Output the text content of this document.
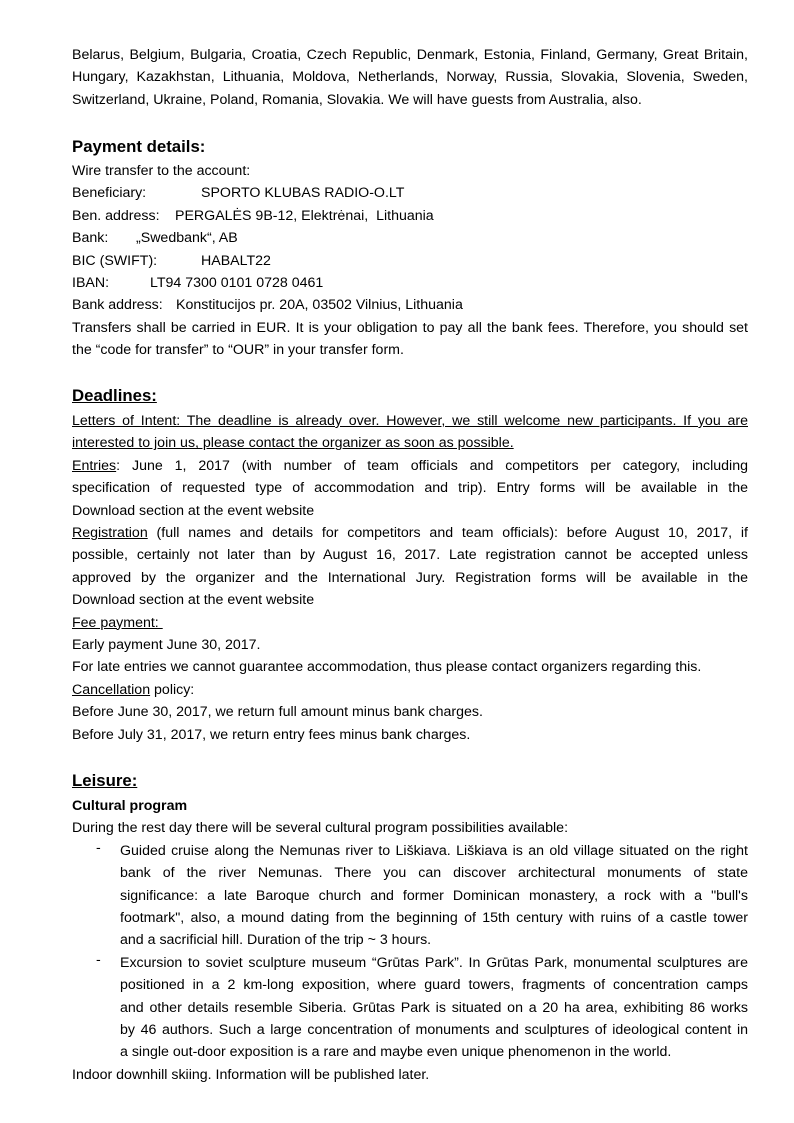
Belarus, Belgium, Bulgaria, Croatia, Czech Republic, Denmark, Estonia, Finland, Germany, Great Britain,

Hungary, Kazakhstan, Lithuania, Moldova, Netherlands, Norway, Russia, Slovakia, Slovenia, Sweden,

Switzerland, Ukraine, Poland, Romania, Slovakia. We will have guests from Australia, also.

Payment details:
Wire transfer to the account:
Beneficiary:	SPORTO KLUBAS RADIO-O.LT
Ben. address:	PERGALĖS 9B-12, Elektrėnai,  Lithuania
Bank:	„Swedbank“, AB
BIC (SWIFT):	HABALT22
IBAN:	LT94 7300 0101 0728 0461
Bank address: Konstitucijos pr. 20A, 03502 Vilnius, Lithuania

Transfers shall be carried in EUR. It is your obligation to pay all the bank fees. Therefore, you should set

the “code for transfer” to “OUR” in your transfer form.

Deadlines:

Letters of Intent: The deadline is already over. However, we still welcome new participants. If you are

interested to join us, please contact the organizer as soon as possible.

Entries: June 1, 2017 (with number of team officials and competitors per category, including

specification of requested type of accommodation and trip). Entry forms will be available in the

Download section at the event website

Registration (full names and details for competitors and team officials): before August 10, 2017, if

possible, certainly not later than by August 16, 2017. Late registration cannot be accepted unless

approved by the organizer and the International Jury. Registration forms will be available in the

Download section at the event website

Fee payment:

Early payment June 30, 2017.

For late entries we cannot guarantee accommodation, thus please contact organizers regarding this.

Cancellation policy:

Before June 30, 2017, we return full amount minus bank charges.

Before July 31, 2017, we return entry fees minus bank charges.

Leisure:

Cultural program

During the rest day there will be several cultural program possibilities available:

- Guided cruise along the Nemunas river to Liškiava. Liškiava is an old village situated on the right

bank of the river Nemunas. There you can discover architectural monuments of state

significance: a late Baroque church and former Dominican monastery, a rock with a "bull's

footmark", also, a mound dating from the beginning of 15th century with ruins of a castle tower

and a sacrificial hill. Duration of the trip ~ 3 hours.

- Excursion to soviet sculpture museum “Grūtas Park”. In Grūtas Park, monumental sculptures are

positioned in a 2 km-long exposition, where guard towers, fragments of concentration camps

and other details resemble Siberia. Grūtas Park is situated on a 20 ha area, exhibiting 86 works

by 46 authors. Such a large concentration of monuments and sculptures of ideological content in

a single out-door exposition is a rare and maybe even unique phenomenon in the world.

Indoor downhill skiing. Information will be published later.
